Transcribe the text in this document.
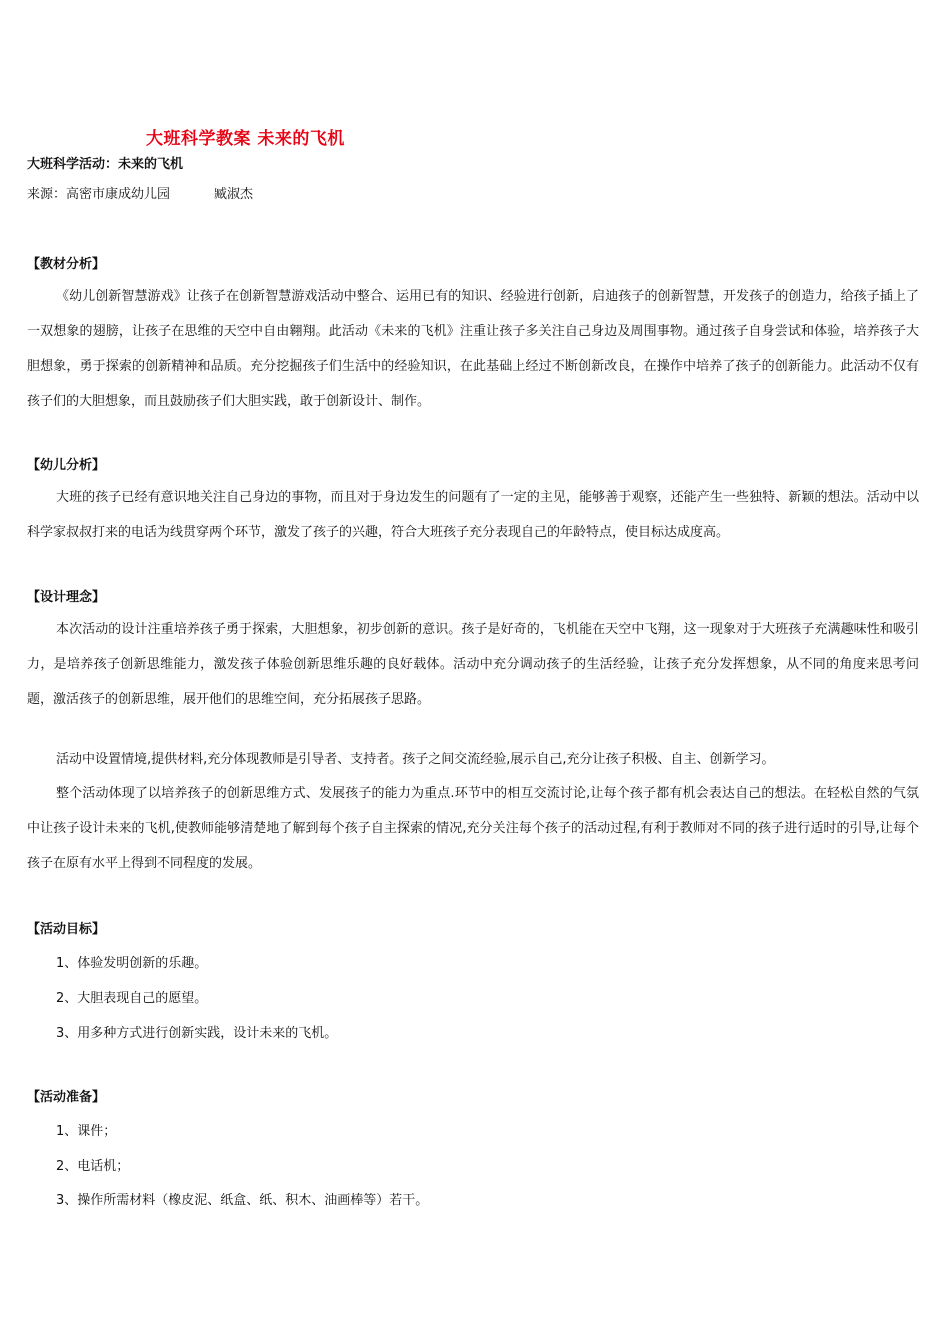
大班科学教案 未来的飞机
大班科学活动：未来的飞机
来源：高密市康成幼儿园	臧淑杰
【教材分析】
《幼儿创新智慧游戏》让孩子在创新智慧游戏活动中整合、运用已有的知识、经验进行创新，启迪孩子的创新智慧，开发孩子的创造力，给孩子插上了一双想象的翅膀，让孩子在思维的天空中自由翱翔。此活动《未来的飞机》注重让孩子多关注自己身边及周围事物。通过孩子自身尝试和体验，培养孩子大胆想象，勇于探索的创新精神和品质。充分挖掘孩子们生活中的经验知识，在此基础上经过不断创新改良，在操作中培养了孩子的创新能力。此活动不仅有孩子们的大胆想象，而且鼓励孩子们大胆实践，敢于创新设计、制作。
【幼儿分析】
大班的孩子已经有意识地关注自己身边的事物，而且对于身边发生的问题有了一定的主见，能够善于观察，还能产生一些独特、新颖的想法。活动中以科学家叔叔打来的电话为线贯穿两个环节，激发了孩子的兴趣，符合大班孩子充分表现自己的年龄特点，使目标达成度高。
【设计理念】
本次活动的设计注重培养孩子勇于探索，大胆想象，初步创新的意识。孩子是好奇的，飞机能在天空中飞翔，这一现象对于大班孩子充满趣味性和吸引力，是培养孩子创新思维能力，激发孩子体验创新思维乐趣的良好载体。活动中充分调动孩子的生活经验，让孩子充分发挥想象，从不同的角度来思考问题，激活孩子的创新思维，展开他们的思维空间，充分拓展孩子思路。
活动中设置情境,提供材料,充分体现教师是引导者、支持者。孩子之间交流经验,展示自己,充分让孩子积极、自主、创新学习。
整个活动体现了以培养孩子的创新思维方式、发展孩子的能力为重点.环节中的相互交流讨论,让每个孩子都有机会表达自己的想法。在轻松自然的气氛中让孩子设计未来的飞机,使教师能够清楚地了解到每个孩子自主探索的情况,充分关注每个孩子的活动过程,有利于教师对不同的孩子进行适时的引导,让每个孩子在原有水平上得到不同程度的发展。
【活动目标】
1、体验发明创新的乐趣。
2、大胆表现自己的愿望。
3、用多种方式进行创新实践，设计未来的飞机。
【活动准备】
1、课件；
2、电话机；
3、操作所需材料（橡皮泥、纸盒、纸、积木、油画棒等）若干。
